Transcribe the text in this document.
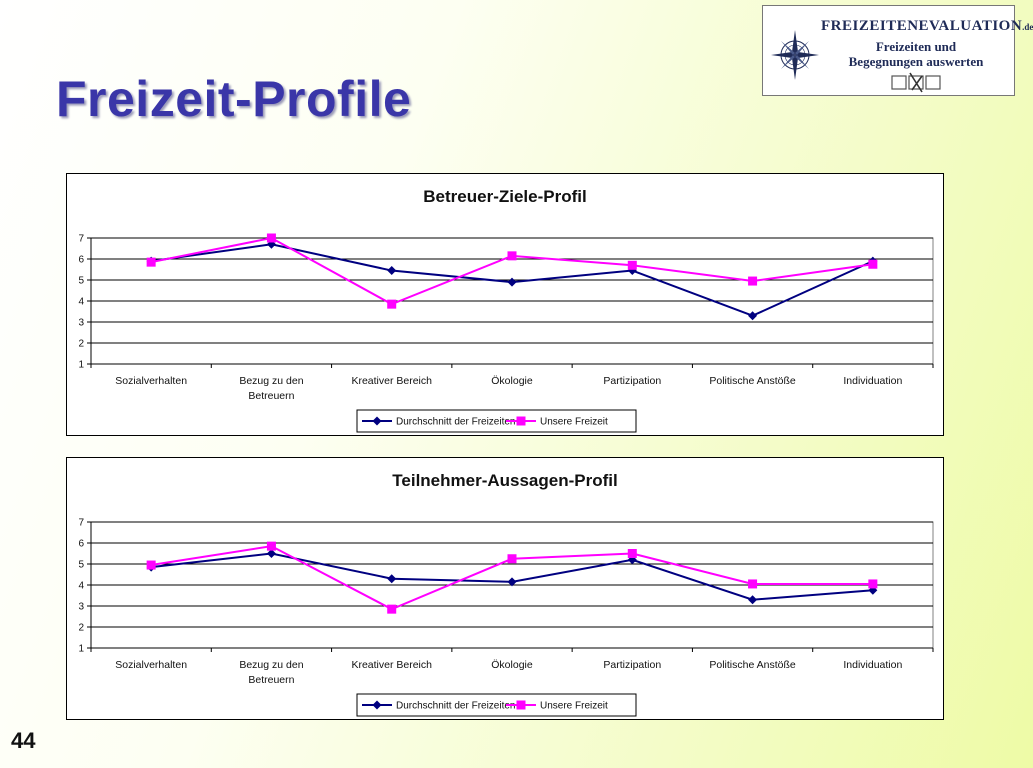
Freizeit-Profile
FREIZEITENEVALUATION.de
Freizeiten und
Begegnungen auswerten
Betreuer-Ziele-Profil
1
2
3
4
5
6
7
Sozialverhalten	Bezug zu den Betreuern
Kreativer Bereich	Ökologie	Partizipation	Politische Anstöße	Individuation
Durchschnitt der Freizeiten Unsere Freizeit
Teilnehmer-Aussagen-Profil
1
2
3
4
5
6
7
Sozialverhalten	Bezug zu den Betreuern
Kreativer Bereich	Ökologie	Partizipation	Politische Anstöße	Individuation
Durchschnitt der Freizeiten Unsere Freizeit
44
